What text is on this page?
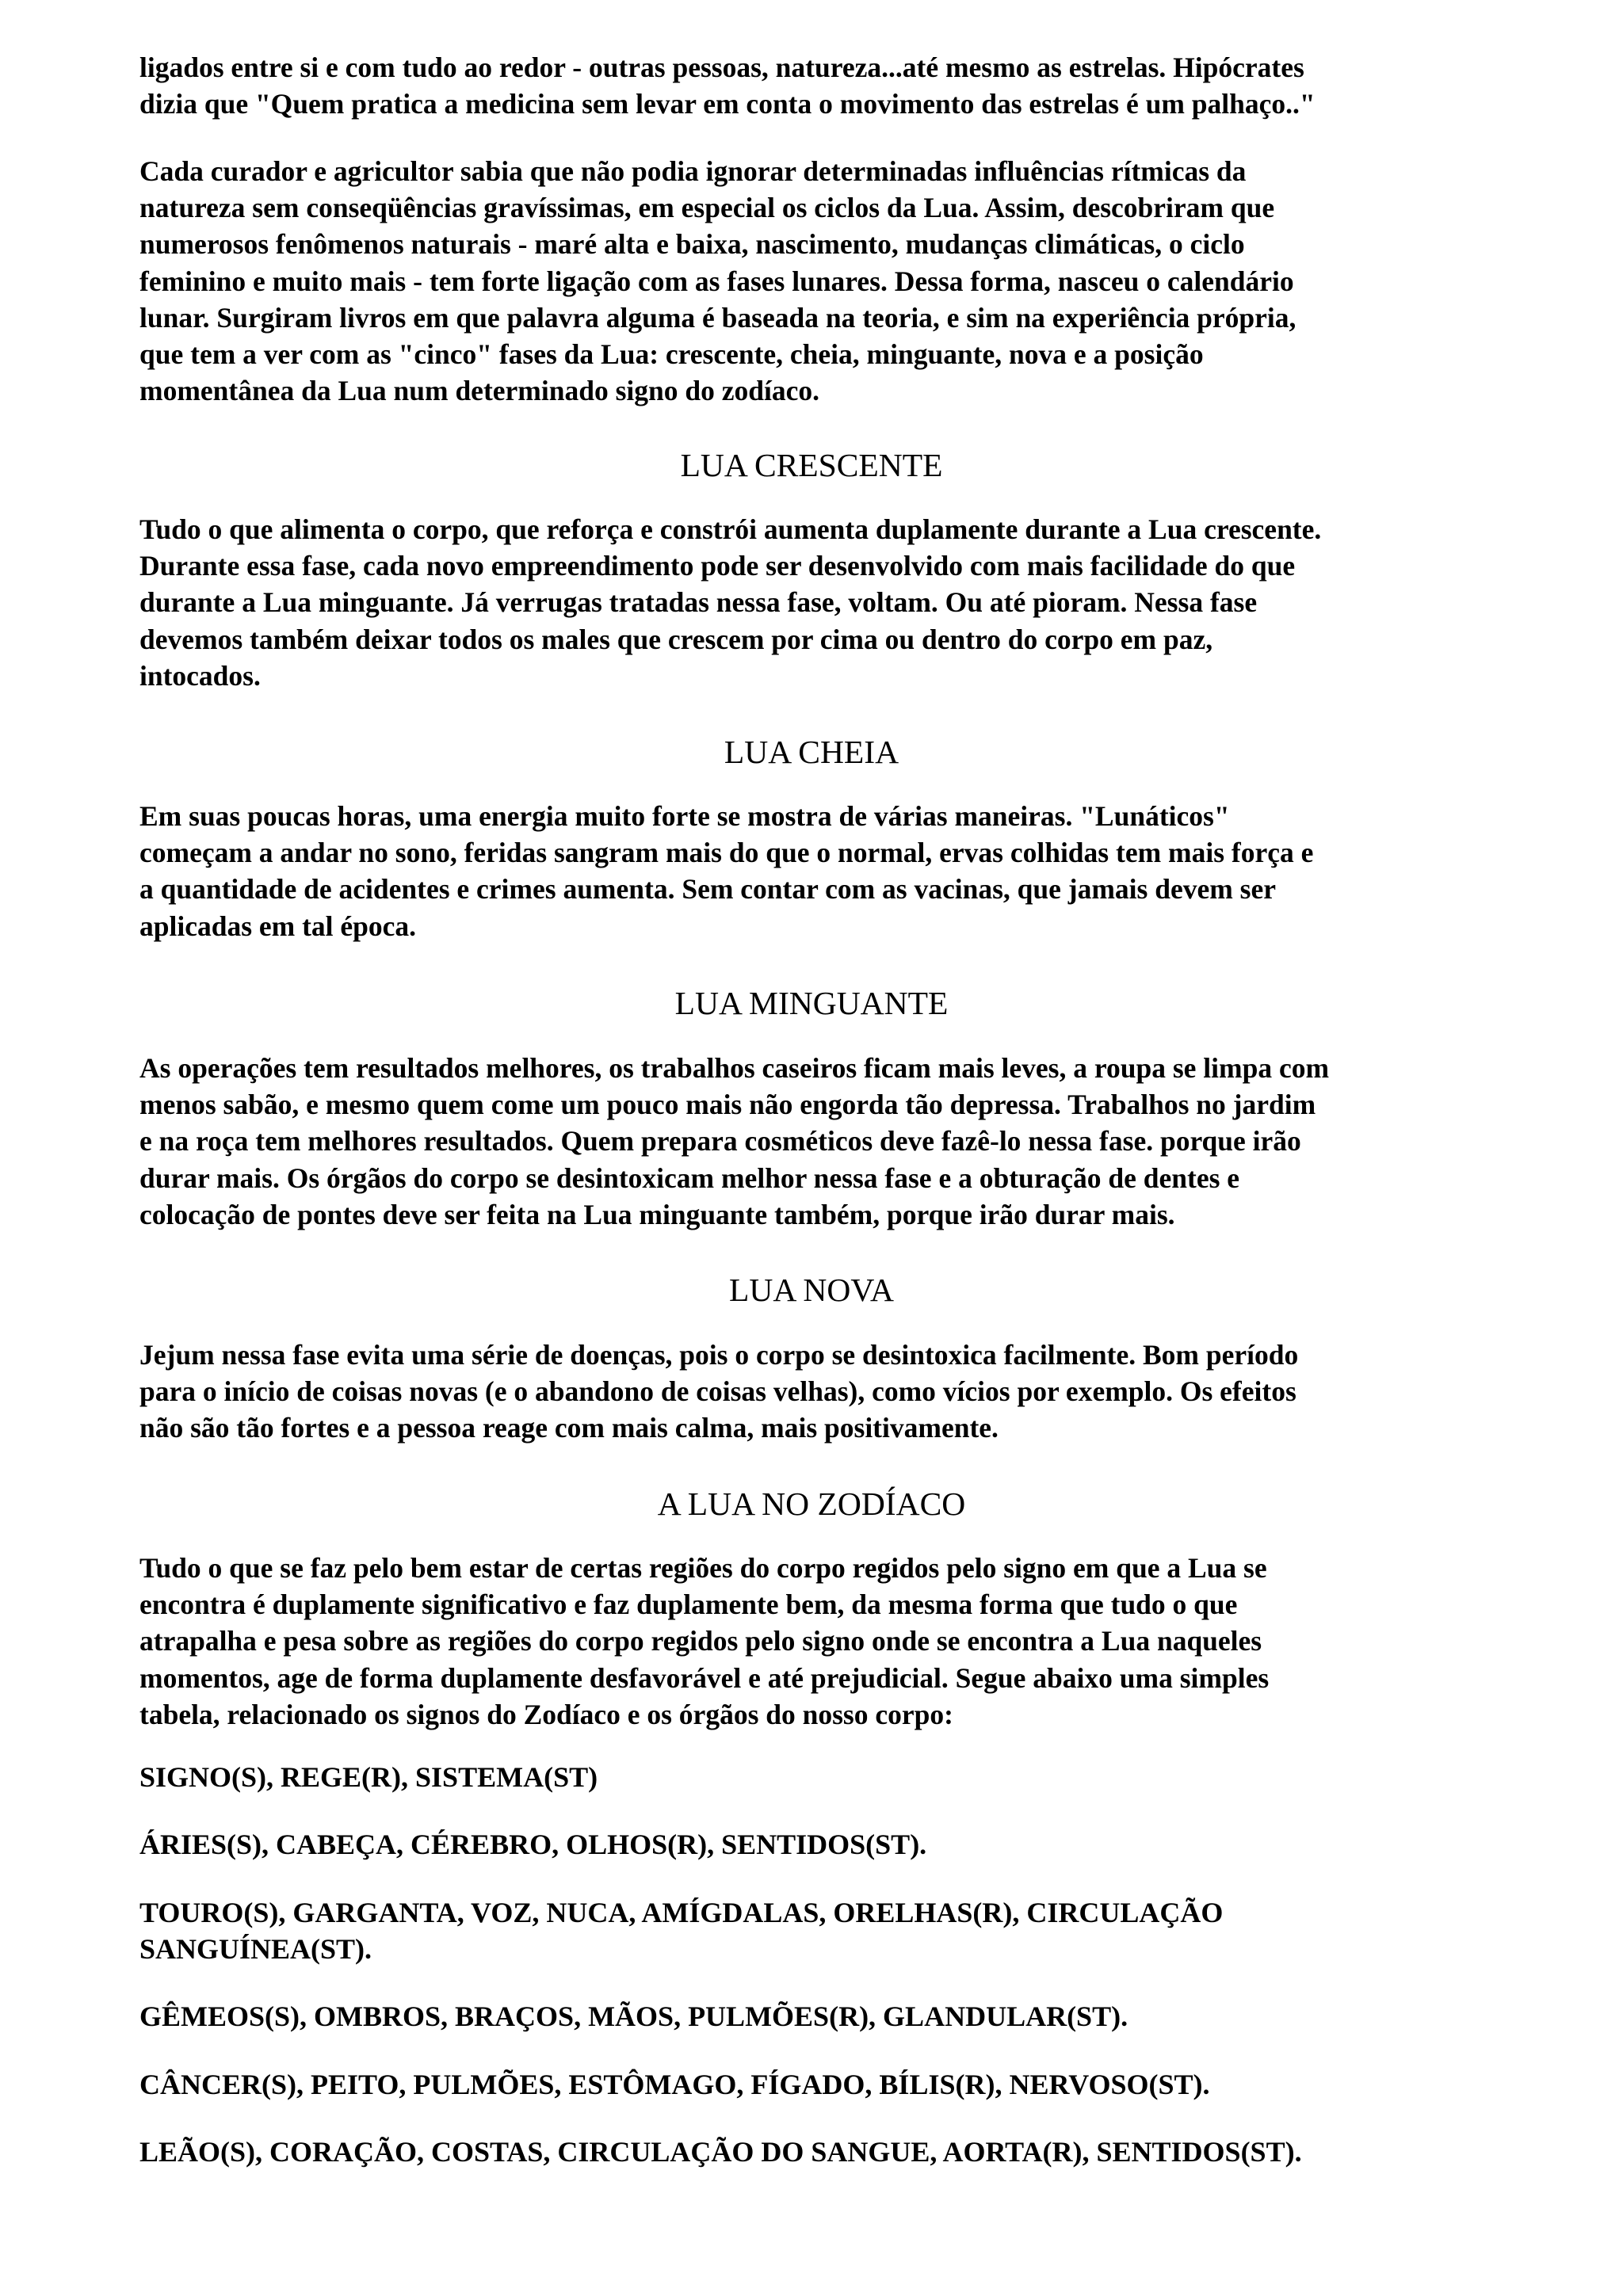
ligados entre si e com tudo ao redor - outras pessoas, natureza...até mesmo as estrelas. Hipócrates
dizia que "Quem pratica a medicina sem levar em conta o movimento das estrelas é um palhaço.."

Cada curador e agricultor sabia que não podia ignorar determinadas influências rítmicas da
natureza sem conseqüências gravíssimas, em especial os ciclos da Lua. Assim, descobriram que
numerosos fenômenos naturais - maré alta e baixa, nascimento, mudanças climáticas, o ciclo
feminino e muito mais - tem forte ligação com as fases lunares. Dessa forma, nasceu o calendário
lunar. Surgiram livros em que palavra alguma é baseada na teoria, e sim na experiência própria,
que tem a ver com as "cinco" fases da Lua: crescente, cheia, minguante, nova e a posição
momentânea da Lua num determinado signo do zodíaco.

LUA CRESCENTE

Tudo o que alimenta o corpo, que reforça e constrói aumenta duplamente durante a Lua crescente.
Durante essa fase, cada novo empreendimento pode ser desenvolvido com mais facilidade do que
durante a Lua minguante. Já verrugas tratadas nessa fase, voltam. Ou até pioram. Nessa fase
devemos também deixar todos os males que crescem por cima ou dentro do corpo em paz,
intocados.

LUA CHEIA

Em suas poucas horas, uma energia muito forte se mostra de várias maneiras. "Lunáticos"
começam a andar no sono, feridas sangram mais do que o normal, ervas colhidas tem mais força e
a quantidade de acidentes e crimes aumenta. Sem contar com as vacinas, que jamais devem ser
aplicadas em tal época.

LUA MINGUANTE

As operações tem resultados melhores, os trabalhos caseiros ficam mais leves, a roupa se limpa com
menos sabão, e mesmo quem come um pouco mais não engorda tão depressa. Trabalhos no jardim
e na roça tem melhores resultados. Quem prepara cosméticos deve fazê-lo nessa fase. porque irão
durar mais. Os órgãos do corpo se desintoxicam melhor nessa fase e a obturação de dentes e
colocação de pontes deve ser feita na Lua minguante também, porque irão durar mais.

LUA NOVA

Jejum nessa fase evita uma série de doenças, pois o corpo se desintoxica facilmente. Bom período
para o início de coisas novas (e o abandono de coisas velhas), como vícios por exemplo. Os efeitos
não são tão fortes e a pessoa reage com mais calma, mais positivamente.

A LUA NO ZODÍACO

Tudo o que se faz pelo bem estar de certas regiões do corpo regidos pelo signo em que a Lua se
encontra é duplamente significativo e faz duplamente bem, da mesma forma que tudo o que
atrapalha e pesa sobre as regiões do corpo regidos pelo signo onde se encontra a Lua naqueles
momentos, age de forma duplamente desfavorável e até prejudicial. Segue abaixo uma simples
tabela, relacionado os signos do Zodíaco e os órgãos do nosso corpo:

SIGNO(S), REGE(R), SISTEMA(ST)

ÁRIES(S), CABEÇA, CÉREBRO, OLHOS(R), SENTIDOS(ST).

TOURO(S), GARGANTA, VOZ, NUCA, AMÍGDALAS, ORELHAS(R), CIRCULAÇÃO
SANGUÍNEA(ST).

GÊMEOS(S), OMBROS, BRAÇOS, MÃOS, PULMÕES(R), GLANDULAR(ST).

CÂNCER(S), PEITO, PULMÕES, ESTÔMAGO, FÍGADO, BÍLIS(R), NERVOSO(ST).

LEÃO(S), CORAÇÃO, COSTAS, CIRCULAÇÃO DO SANGUE, AORTA(R), SENTIDOS(ST).
